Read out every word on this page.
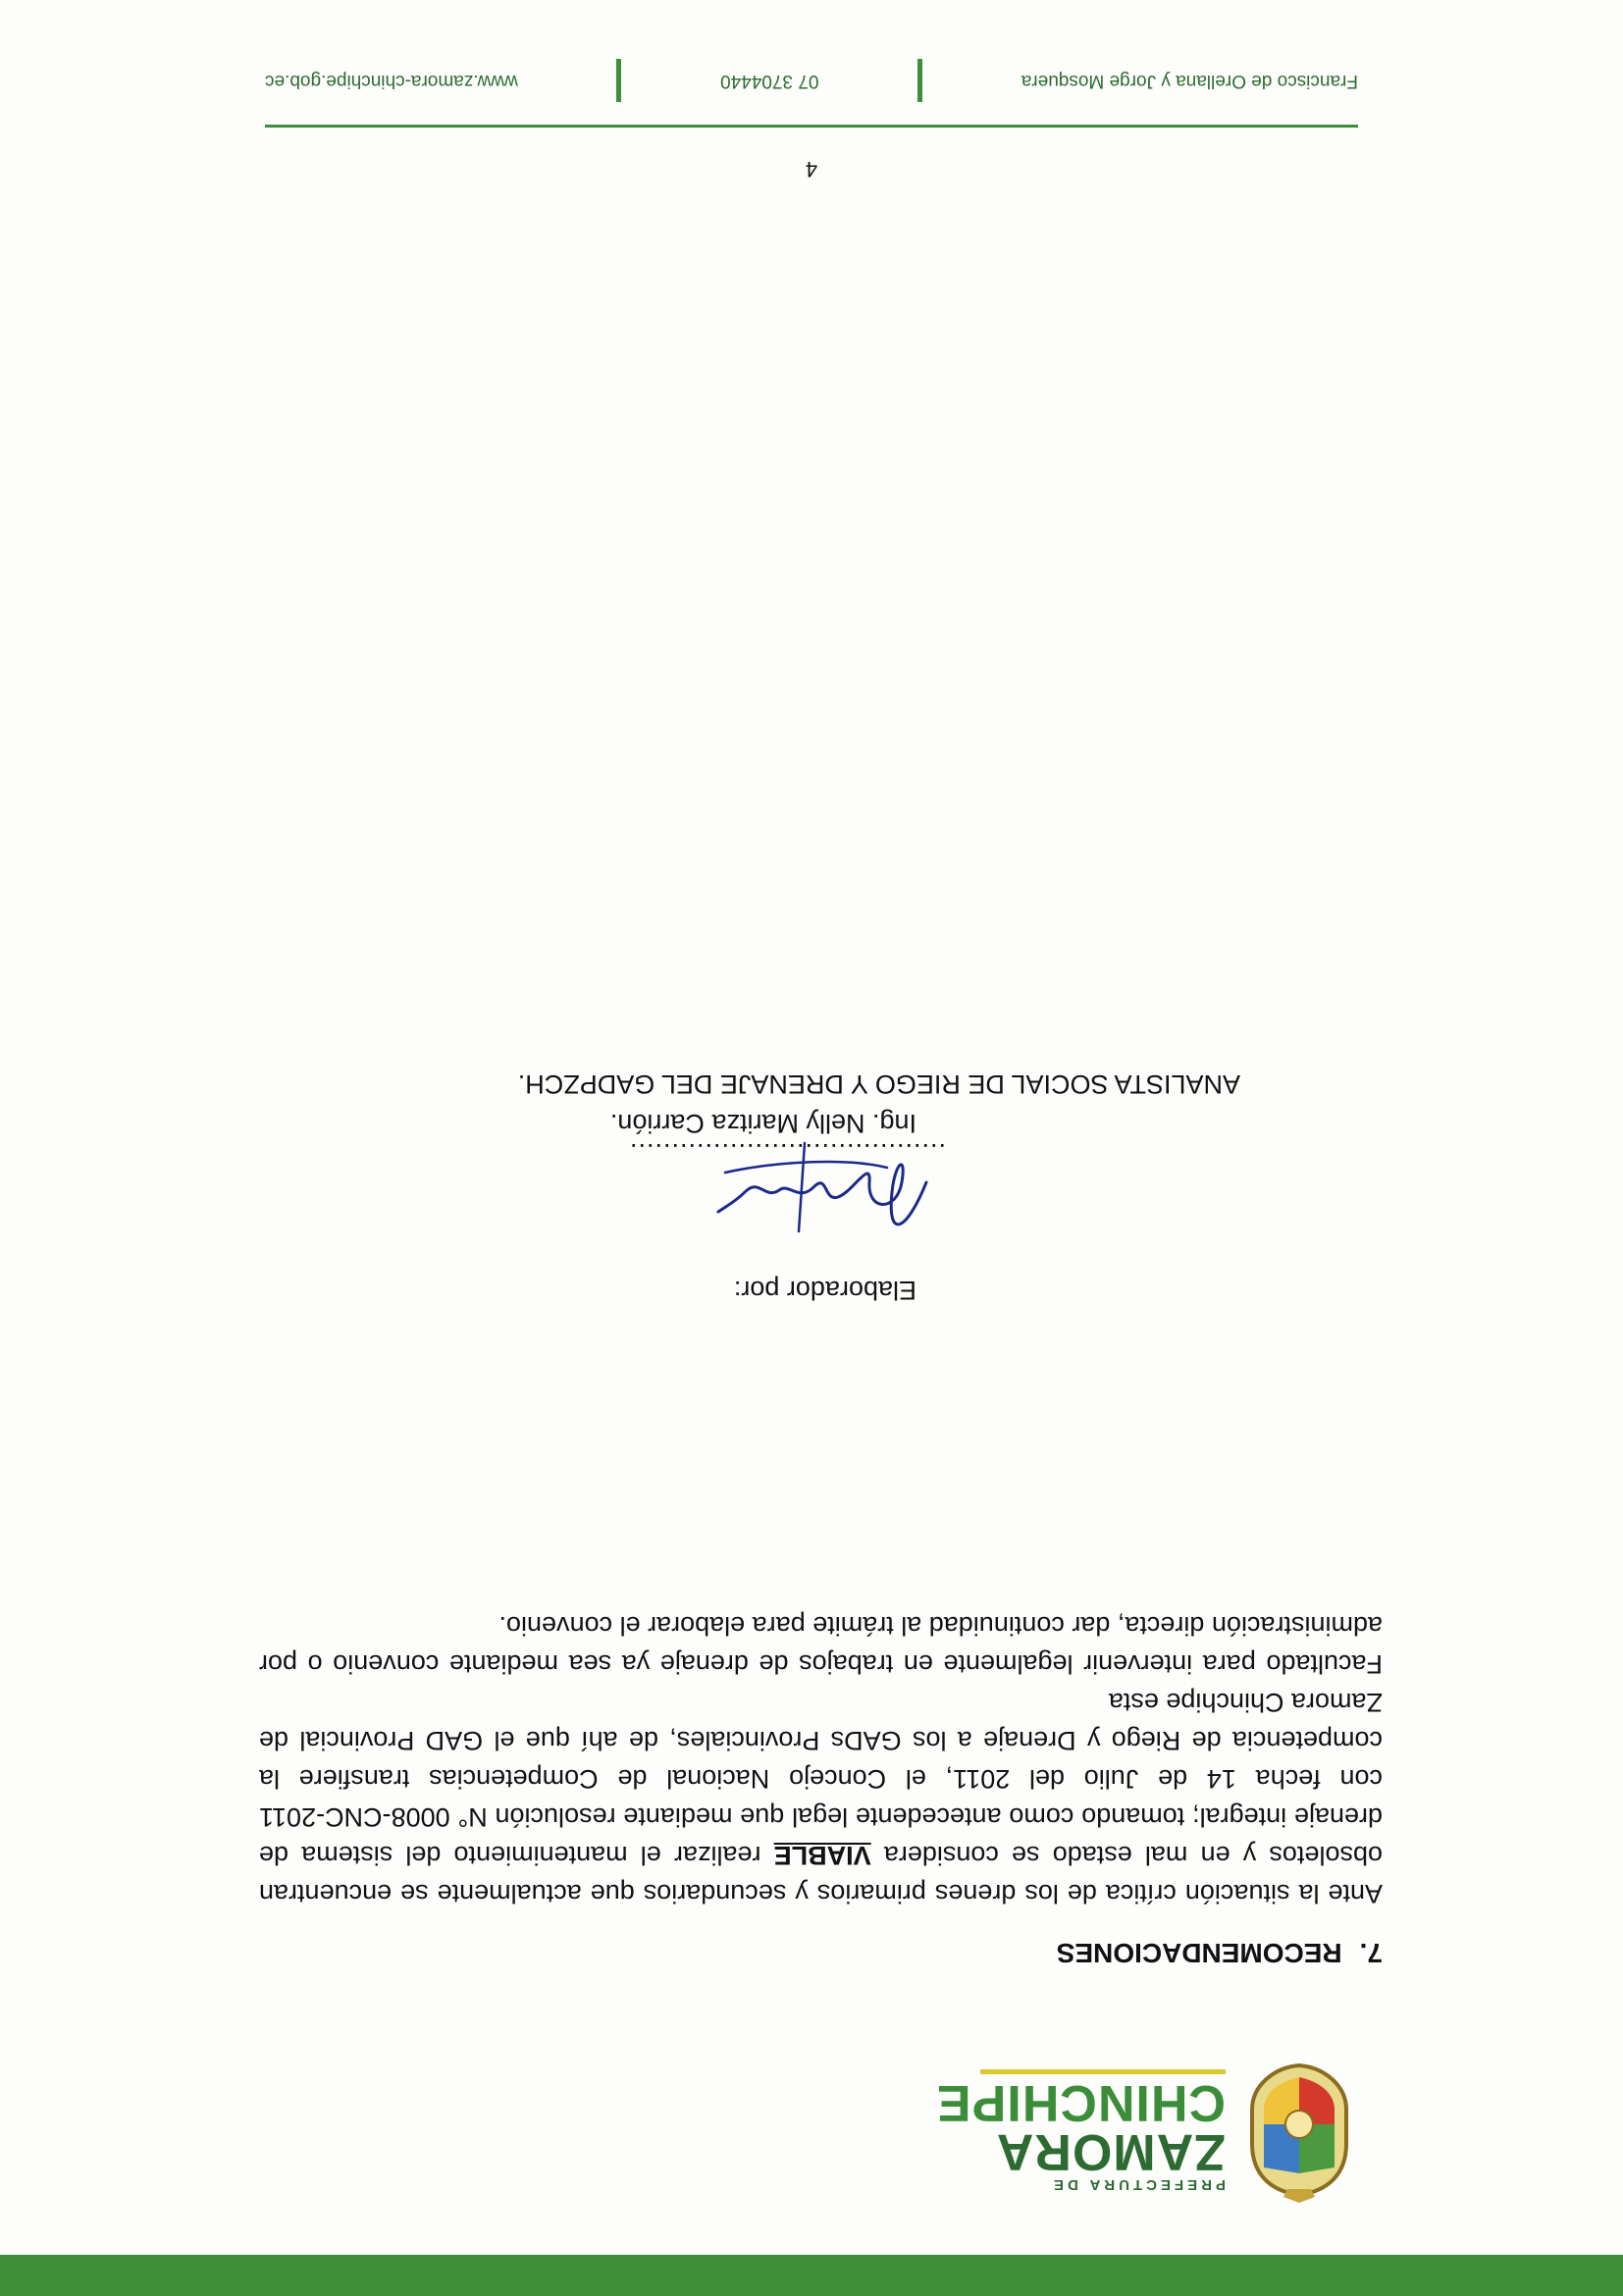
PREFECTURA DE
ZAMORA
CHINCHIPE
7.RECOMENDACIONES

Ante la situación crítica de los drenes primarios y secundarios que actualmente se encuentran obsoletos y en mal estado se considera VIABLE realizar el mantenimiento del sistema de drenaje integral; tomando como antecedente legal que mediante resolución N° 0008-CNC-2011 con fecha 14 de Julio del 2011, el Concejo Nacional de Competencias transfiere la competencia de Riego y Drenaje a los GADs Provinciales, de ahí que el GAD Provincial de Zamora Chinchipe esta

Facultado para intervenir legalmente en trabajos de drenaje ya sea mediante convenio o por administración directa, dar continuidad al trámite para elaborar el convenio.

Elaborador por:
......................................
Ing. Nelly Maritza Carrión.
ANALISTA SOCIAL DE RIEGO Y DRENAJE DEL GADPZCH.
4
Francisco de Orellana y Jorge Mosquera
07 3704440
www.zamora-chinchipe.gob.ec
